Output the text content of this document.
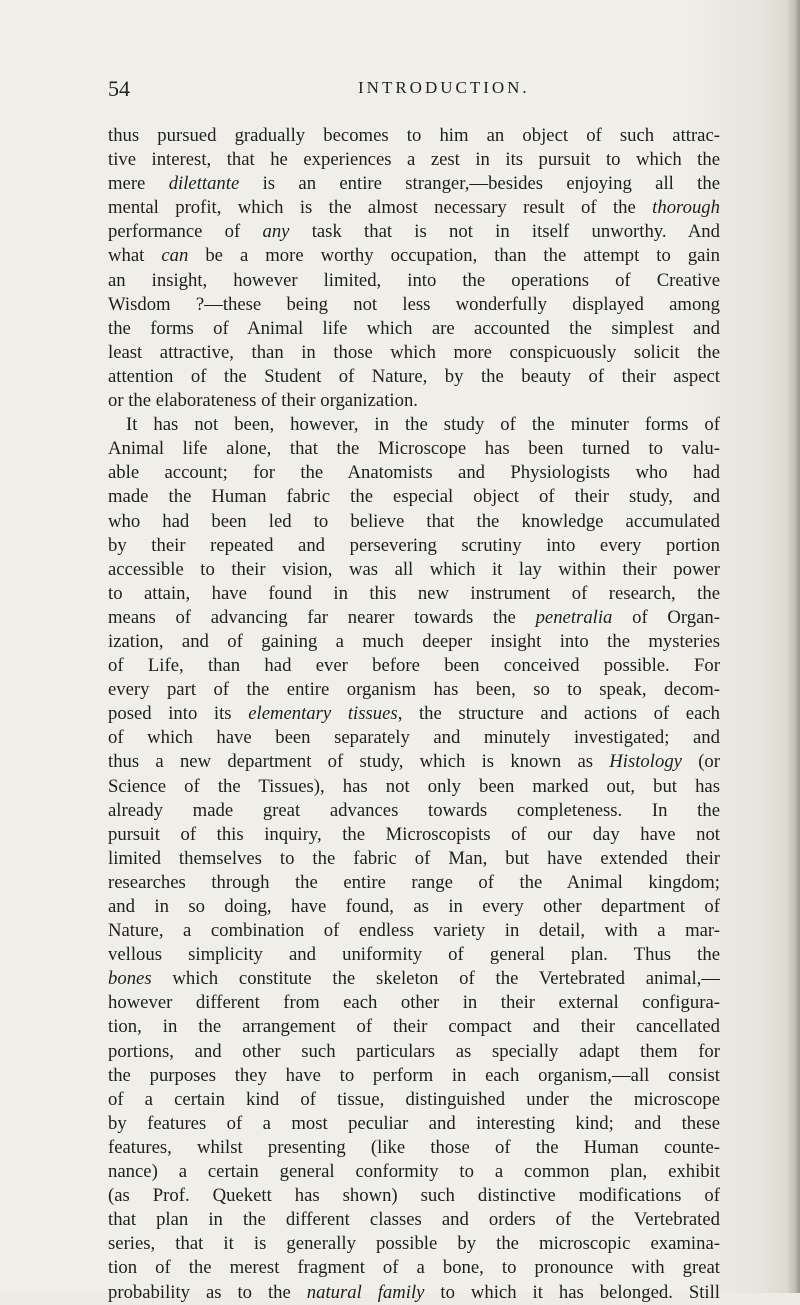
54	INTRODUCTION.
thus pursued gradually becomes to him an object of such attrac-
tive interest, that he experiences a zest in its pursuit to which the
mere dilettante is an entire stranger,—besides enjoying all the
mental profit, which is the almost necessary result of the thorough
performance of any task that is not in itself unworthy. And
what can be a more worthy occupation, than the attempt to gain
an insight, however limited, into the operations of Creative
Wisdom ?—these being not less wonderfully displayed among
the forms of Animal life which are accounted the simplest and
least attractive, than in those which more conspicuously solicit the
attention of the Student of Nature, by the beauty of their aspect
or the elaborateness of their organization.
It has not been, however, in the study of the minuter forms of
Animal life alone, that the Microscope has been turned to valu-
able account; for the Anatomists and Physiologists who had
made the Human fabric the especial object of their study, and
who had been led to believe that the knowledge accumulated
by their repeated and persevering scrutiny into every portion
accessible to their vision, was all which it lay within their power
to attain, have found in this new instrument of research, the
means of advancing far nearer towards the penetralia of Organ-
ization, and of gaining a much deeper insight into the mysteries
of Life, than had ever before been conceived possible. For
every part of the entire organism has been, so to speak, decom-
posed into its elementary tissues, the structure and actions of each
of which have been separately and minutely investigated; and
thus a new department of study, which is known as Histology (or
Science of the Tissues), has not only been marked out, but has
already made great advances towards completeness. In the
pursuit of this inquiry, the Microscopists of our day have not
limited themselves to the fabric of Man, but have extended their
researches through the entire range of the Animal kingdom;
and in so doing, have found, as in every other department of
Nature, a combination of endless variety in detail, with a mar-
vellous simplicity and uniformity of general plan. Thus the
bones which constitute the skeleton of the Vertebrated animal,—
however different from each other in their external configura-
tion, in the arrangement of their compact and their cancellated
portions, and other such particulars as specially adapt them for
the purposes they have to perform in each organism,—all consist
of a certain kind of tissue, distinguished under the microscope
by features of a most peculiar and interesting kind; and these
features, whilst presenting (like those of the Human counte-
nance) a certain general conformity to a common plan, exhibit
(as Prof. Quekett has shown) such distinctive modifications of
that plan in the different classes and orders of the Vertebrated
series, that it is generally possible by the microscopic examina-
tion of the merest fragment of a bone, to pronounce with great
probability as to the natural family to which it has belonged. Still
